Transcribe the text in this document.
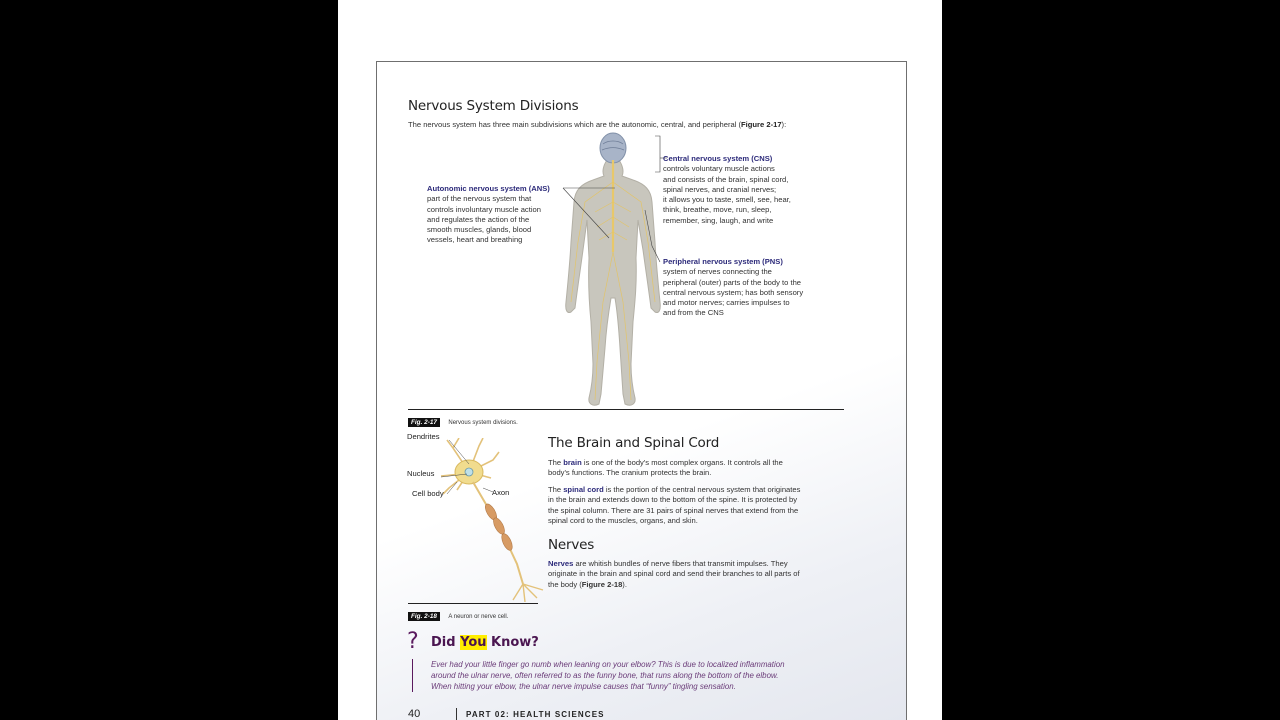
Nervous System Divisions
The nervous system has three main subdivisions which are the autonomic, central, and peripheral (Figure 2-17):
Autonomic nervous system (ANS)
part of the nervous system that
controls involuntary muscle action
and regulates the action of the
smooth muscles, glands, blood
vessels, heart and breathing
Central nervous system (CNS)
controls voluntary muscle actions
and consists of the brain, spinal cord,
spinal nerves, and cranial nerves;
it allows you to taste, smell, see, hear,
think, breathe, move, run, sleep,
remember, sing, laugh, and write
Peripheral nervous system (PNS)
system of nerves connecting the
peripheral (outer) parts of the body to the
central nervous system; has both sensory
and motor nerves; carries impulses to
and from the CNS
Fig. 2-17 Nervous system divisions.
Dendrites
Nucleus
Cell body	Axon
Fig. 2-18 A neuron or nerve cell.
The Brain and Spinal Cord
The brain is one of the body's most complex organs. It controls all the
body's functions. The cranium protects the brain.
The spinal cord is the portion of the central nervous system that originates
in the brain and extends down to the bottom of the spine. It is protected by
the spinal column. There are 31 pairs of spinal nerves that extend from the
spinal cord to the muscles, organs, and skin.
Nerves
Nerves are whitish bundles of nerve fibers that transmit impulses. They
originate in the brain and spinal cord and send their branches to all parts of
the body (Figure 2-18).
? Did You Know?
Ever had your little finger go numb when leaning on your elbow? This is due to localized inflammation
around the ulnar nerve, often referred to as the funny bone, that runs along the bottom of the elbow.
When hitting your elbow, the ulnar nerve impulse causes that “funny” tingling sensation.
40	PART 02: HEALTH SCIENCES
